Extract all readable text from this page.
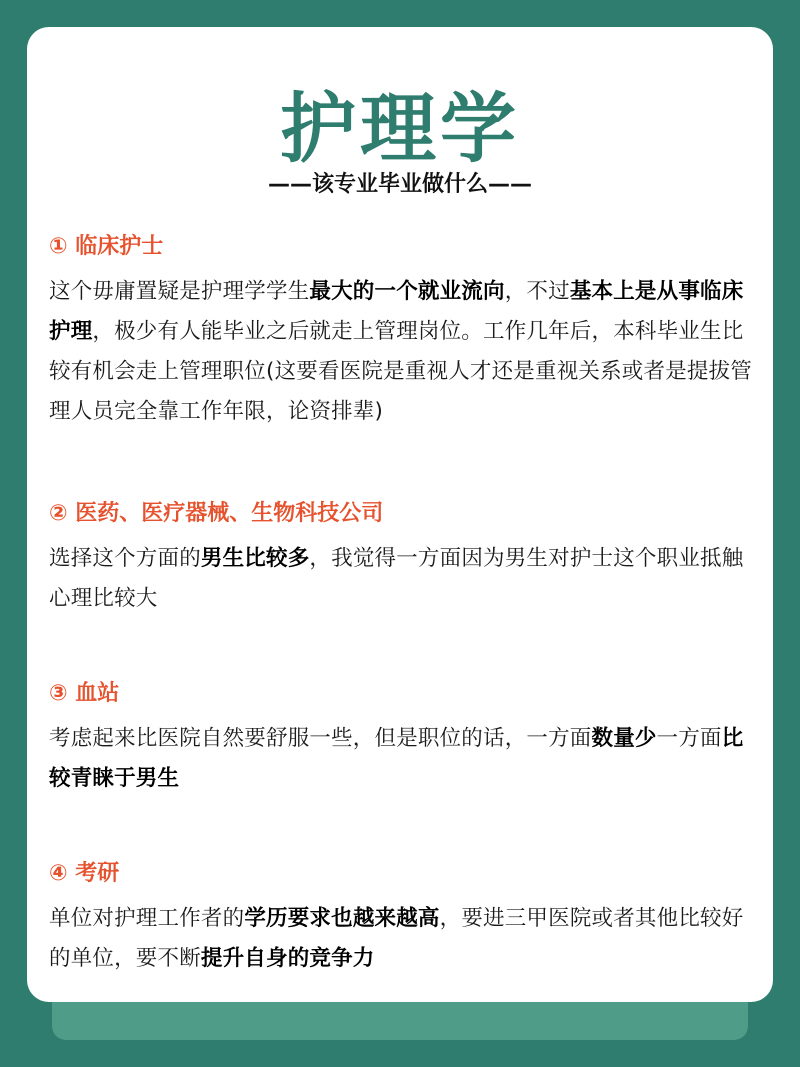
护理学

——该专业毕业做什么——

① 临床护士

这个毋庸置疑是护理学学生最大的一个就业流向，不过基本上是从事临床护理，极少有人能毕业之后就走上管理岗位。工作几年后，本科毕业生比较有机会走上管理职位(这要看医院是重视人才还是重视关系或者是提拔管理人员完全靠工作年限，论资排辈)

② 医药、医疗器械、生物科技公司

选择这个方面的男生比较多，我觉得一方面因为男生对护士这个职业抵触心理比较大

③ 血站

考虑起来比医院自然要舒服一些，但是职位的话，一方面数量少一方面比较青睐于男生

④ 考研

单位对护理工作者的学历要求也越来越高，要进三甲医院或者其他比较好的单位，要不断提升自身的竞争力
